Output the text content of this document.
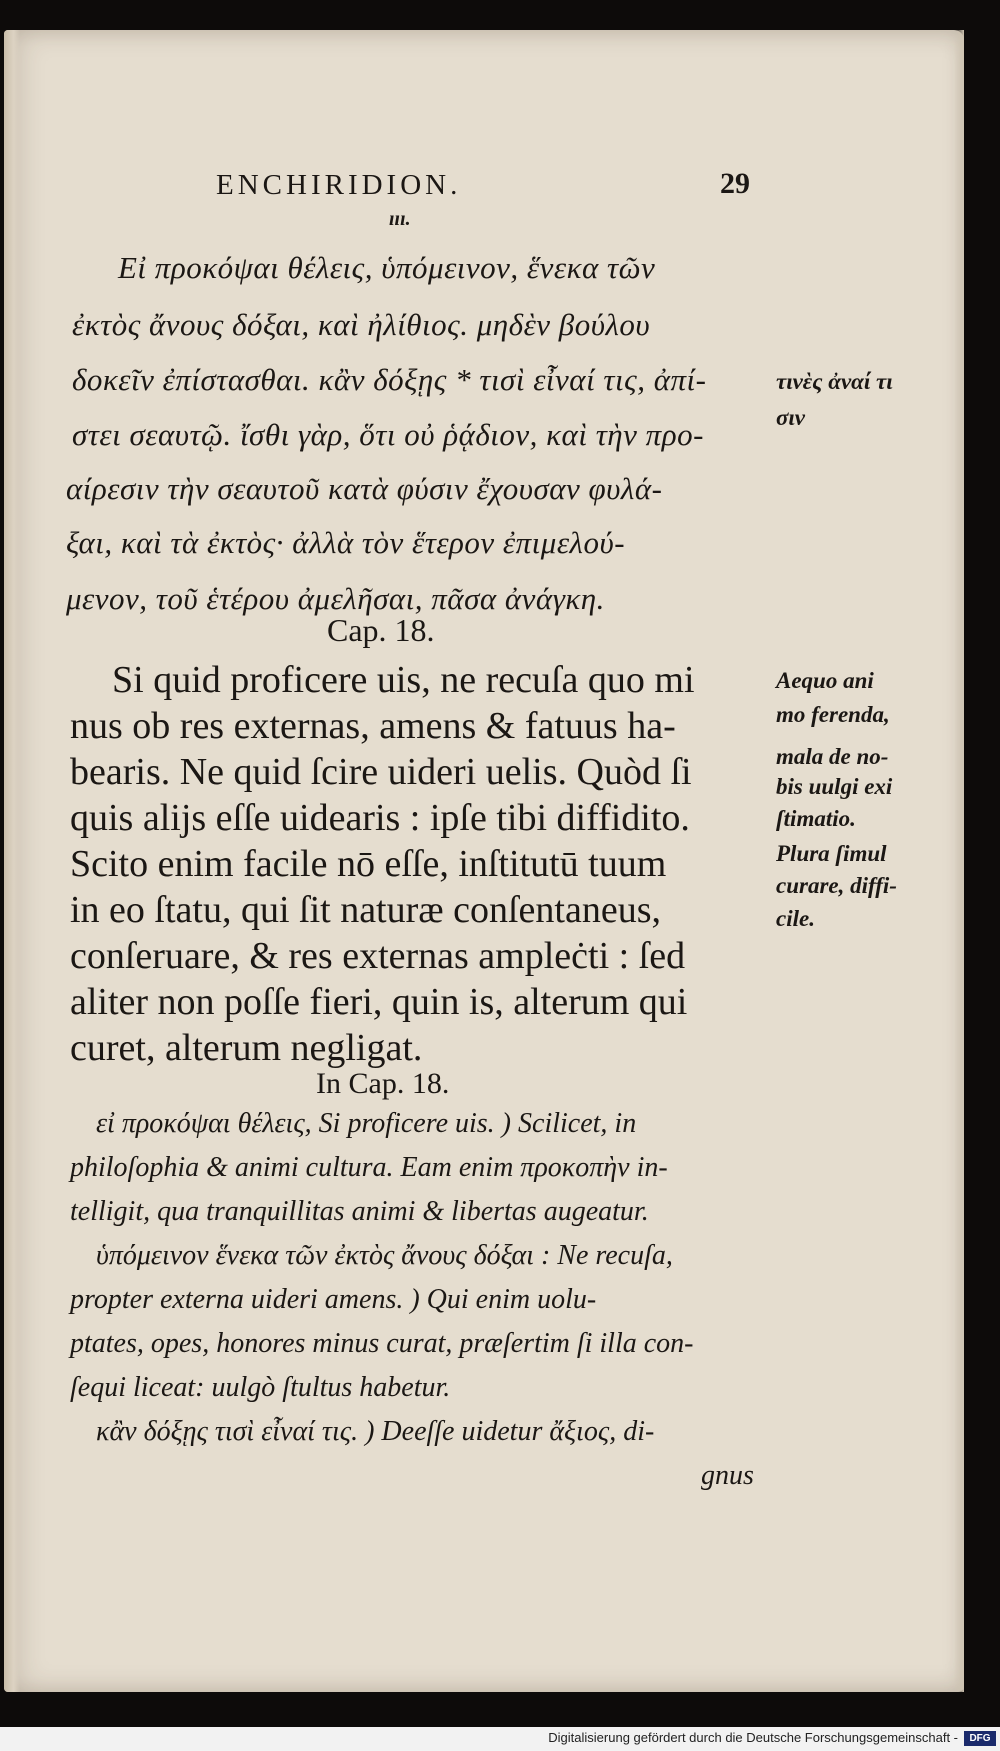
ENCHIRIDION.	29
ııı.
Εἰ προκόψαι θέλεις, ὑπόμεινον, ἕνεκα τῶν
ἐκτὸς ἄνους δόξαι, καὶ ἠλίθιος. μηδὲν βούλου
δοκεῖν ἐπίστασθαι. κἂν δόξῃς * τισὶ εἶναί τις, ἀπί-
στει σεαυτῷ. ἴσθι γὰρ, ὅτι οὐ ῥᾴδιον, καὶ τὴν προ-
αίρεσιν τὴν σεαυτοῦ κατὰ φύσιν ἔχουσαν φυλά-
ξαι, καὶ τὰ ἐκτὸς· ἀλλὰ τὸν ἕτερον ἐπιμελού-
μενον, τοῦ ἑτέρου ἀμελῆσαι, πᾶσα ἀνάγκη.
τινὲς ἀναί τι
σιν
Cap. 18.
Si quid proficere uis, ne recuſa quo mi
nus ob res externas, amens & fatuus ha-
bearis. Ne quid ſcire uideri uelis. Quòd ſi
quis alijs eſſe uidearis : ipſe tibi diffidito.
Scito enim facile nō eſſe, inſtitutū tuum
in eo ſtatu, qui ſit naturæ conſentaneus,
conſeruare, & res externas ampleċti : ſed
aliter non poſſe fieri, quin is, alterum qui
curet, alterum negligat.
Aequo ani
mo ferenda,
mala de no-
bis uulgi exi
ſtimatio.
Plura ſimul
curare, diffi-
cile.
In Cap. 18.
εἰ προκόψαι θέλεις, Si proficere uis. ) Scilicet, in
philoſophia & animi cultura. Eam enim προκοπὴν in-
telligit, qua tranquillitas animi & libertas augeatur.
ὑπόμεινον ἕνεκα τῶν ἐκτὸς ἄνους δόξαι : Ne recuſa,
propter externa uideri amens. ) Qui enim uolu-
ptates, opes, honores minus curat, præſertim ſi illa con-
ſequi liceat: uulgò ſtultus habetur.
κἂν δόξῃς τισὶ εἶναί τις. ) Deeſſe uidetur ἄξιος, di-
gnus
Digitalisierung gefördert durch die Deutsche Forschungsgemeinschaft -	DFG
